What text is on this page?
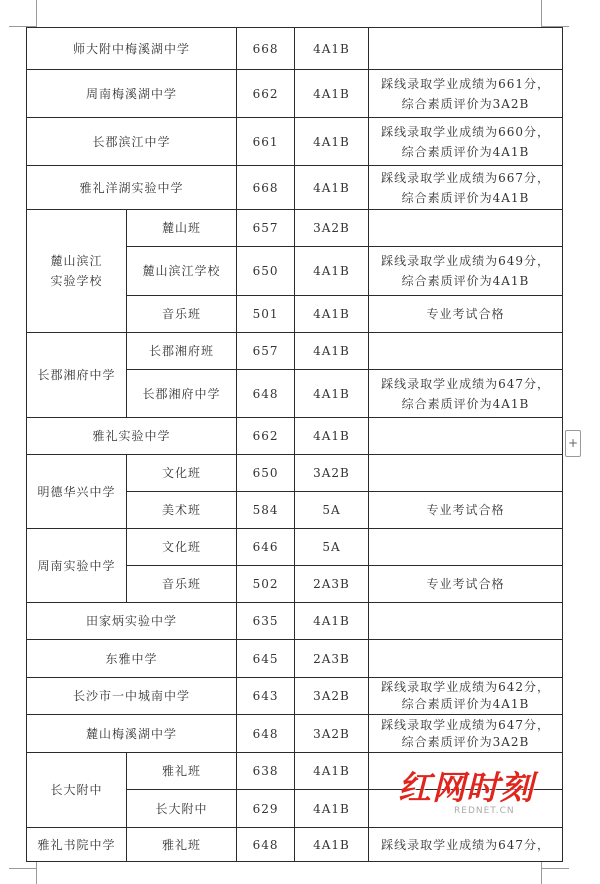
师大附中梅溪湖中学		668	4A1B	
周南梅溪湖中学		662	4A1B	踩线录取学业成绩为661分，
综合素质评价为3A2B

长郡滨江中学		661	4A1B	踩线录取学业成绩为660分，
综合素质评价为4A1B

雅礼洋湖实验中学		668	4A1B	踩线录取学业成绩为667分，
综合素质评价为4A1B

麓山滨江
实验学校	麓山班	657	3A2B	
	麓山滨江学校	650	4A1B	踩线录取学业成绩为649分，
综合素质评价为4A1B

	音乐班	501	4A1B	专业考试合格

长郡湘府中学	长郡湘府班	657	4A1B	
	长郡湘府中学	648	4A1B	踩线录取学业成绩为647分，
综合素质评价为4A1B

雅礼实验中学		662	4A1B	
明德华兴中学	文化班	650	3A2B	
	美术班	584	5A	专业考试合格

周南实验中学	文化班	646	5A	
	音乐班	502	2A3B	专业考试合格

田家炳实验中学		635	4A1B	
东雅中学		645	2A3B	
长沙市一中城南中学		643	3A2B	踩线录取学业成绩为642分，
综合素质评价为4A1B

麓山梅溪湖中学		648	3A2B	踩线录取学业成绩为647分，
综合素质评价为3A2B

长大附中	雅礼班	638	4A1B	
	长大附中	629	4A1B	
雅礼书院中学	雅礼班	648	4A1B	踩线录取学业成绩为647分，
+
红网时刻
REDNET.CN
